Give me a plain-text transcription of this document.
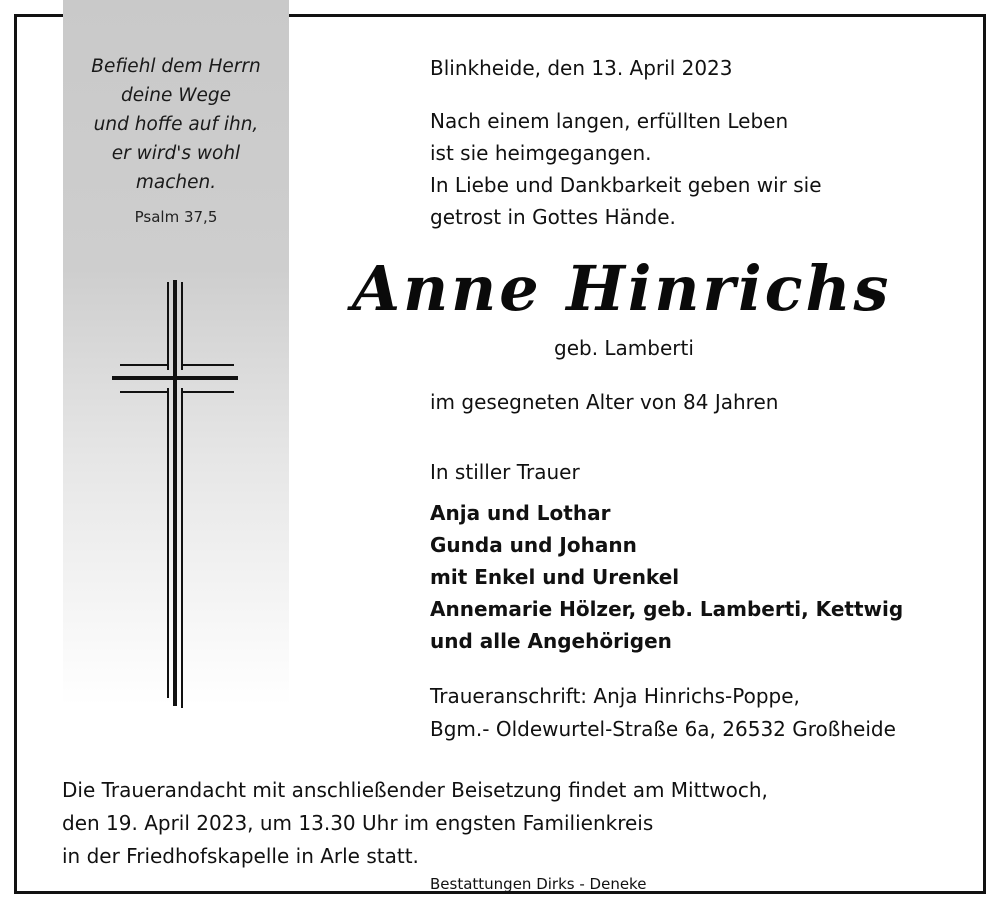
Befiehl dem Herrn
deine Wege
und hoffe auf ihn,
er wird's wohl
machen.
Psalm 37,5
Blinkheide, den 13. April 2023
Nach einem langen, erfüllten Leben
ist sie heimgegangen.
In Liebe und Dankbarkeit geben wir sie
getrost in Gottes Hände.
Anne Hinrichs
geb. Lamberti
im gesegneten Alter von 84 Jahren
In stiller Trauer
Anja und Lothar
Gunda und Johann
mit Enkel und Urenkel
Annemarie Hölzer, geb. Lamberti, Kettwig
und alle Angehörigen
Traueranschrift: Anja Hinrichs-Poppe,
Bgm.- Oldewurtel-Straße 6a, 26532 Großheide
Die Trauerandacht mit anschließender Beisetzung findet am Mittwoch,
den 19. April 2023, um 13.30 Uhr im engsten Familienkreis
in der Friedhofskapelle in Arle statt.
Bestattungen Dirks - Deneke
